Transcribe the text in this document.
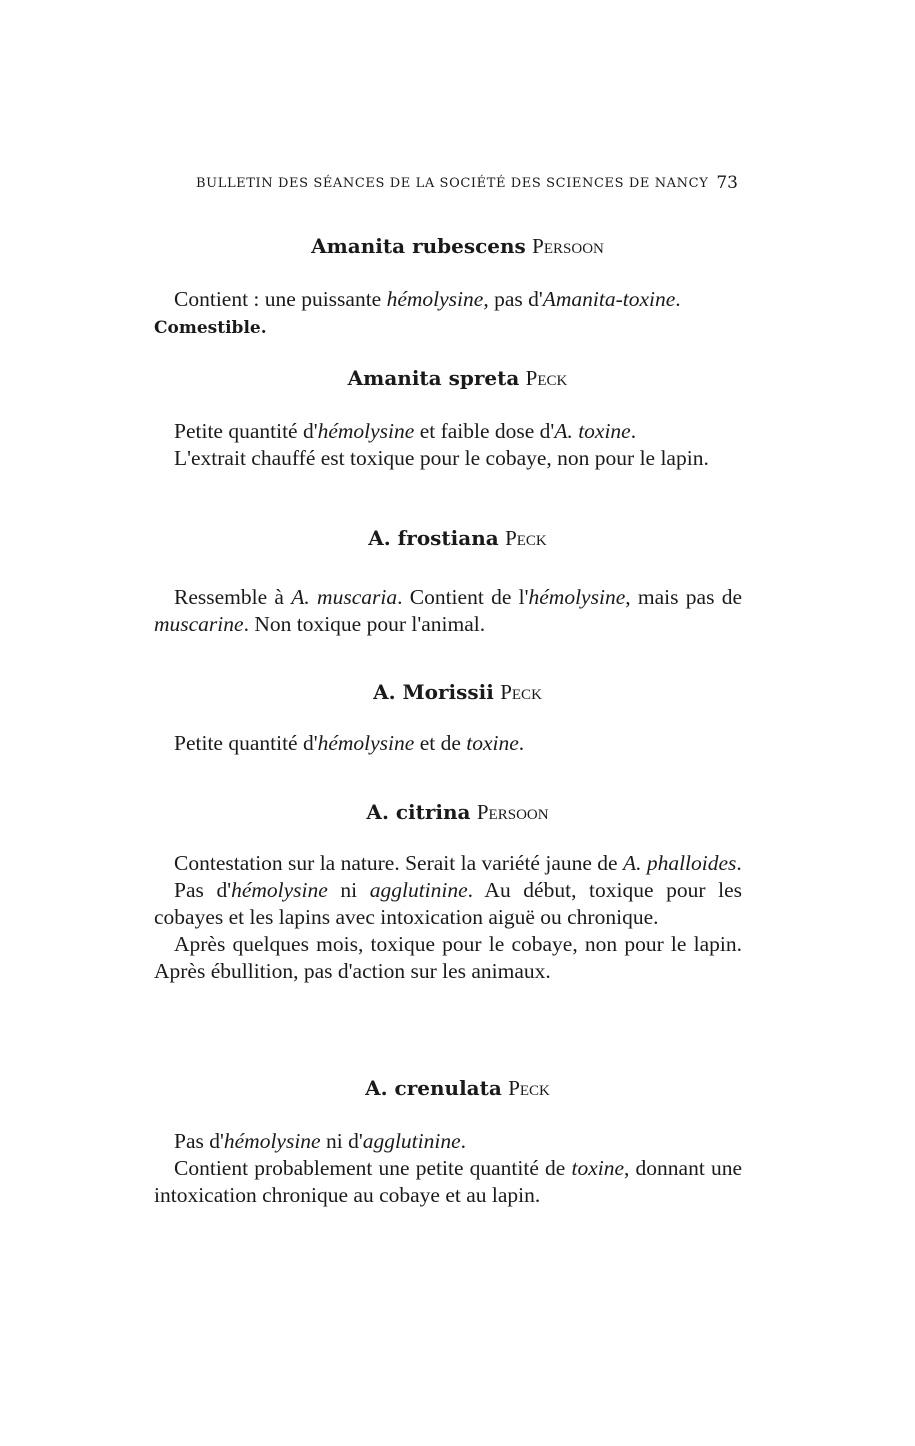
BULLETIN DES SÉANCES DE LA SOCIÉTÉ DES SCIENCES DE NANCY 73
Amanita rubescens Persoon

Contient : une puissante hémolysine, pas d'Amanita-toxine.

Comestible.

Amanita spreta Peck

Petite quantité d'hémolysine et faible dose d'A. toxine.

L'extrait chauffé est toxique pour le cobaye, non pour le lapin.

A. frostiana Peck

Ressemble à A. muscaria. Contient de l'hémolysine, mais pas de muscarine. Non toxique pour l'animal.

A. Morissii Peck

Petite quantité d'hémolysine et de toxine.

A. citrina Persoon

Contestation sur la nature. Serait la variété jaune de A. phalloides.

Pas d'hémolysine ni agglutinine. Au début, toxique pour les cobayes et les lapins avec intoxication aiguë ou chronique.

Après quelques mois, toxique pour le cobaye, non pour le lapin. Après ébullition, pas d'action sur les animaux.

A. crenulata Peck

Pas d'hémolysine ni d'agglutinine.

Contient probablement une petite quantité de toxine, donnant une intoxication chronique au cobaye et au lapin.
